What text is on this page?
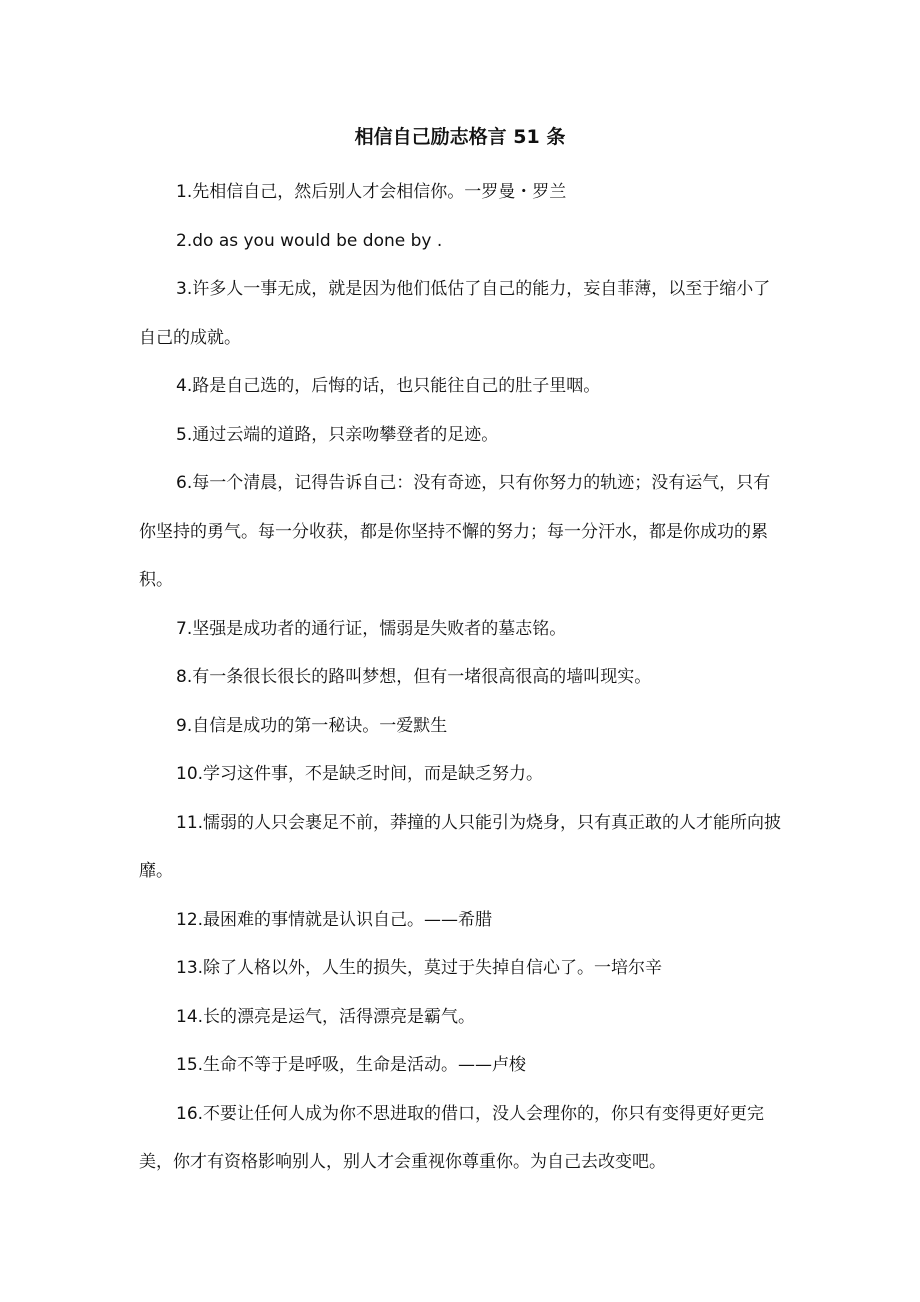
相信自己励志格言 51 条

1.先相信自己，然后别人才会相信你。一罗曼・罗兰

2.do as you would be done by .

3.许多人一事无成，就是因为他们低估了自己的能力，妄自菲薄，以至于缩小了自己的成就。

4.路是自己选的，后悔的话，也只能往自己的肚子里咽。

5.通过云端的道路，只亲吻攀登者的足迹。

6.每一个清晨，记得告诉自己：没有奇迹，只有你努力的轨迹；没有运气，只有你坚持的勇气。每一分收获，都是你坚持不懈的努力；每一分汗水，都是你成功的累积。

7.坚强是成功者的通行证，懦弱是失败者的墓志铭。

8.有一条很长很长的路叫梦想，但有一堵很高很高的墙叫现实。

9.自信是成功的第一秘诀。一爱默生

10.学习这件事，不是缺乏时间，而是缺乏努力。

11.懦弱的人只会裹足不前，莽撞的人只能引为烧身，只有真正敢的人才能所向披靡。

12.最困难的事情就是认识自己。——希腊

13.除了人格以外，人生的损失，莫过于失掉自信心了。一培尔辛

14.长的漂亮是运气，活得漂亮是霸气。

15.生命不等于是呼吸，生命是活动。——卢梭

16.不要让任何人成为你不思进取的借口，没人会理你的，你只有变得更好更完美，你才有资格影响别人，别人才会重视你尊重你。为自己去改变吧。
